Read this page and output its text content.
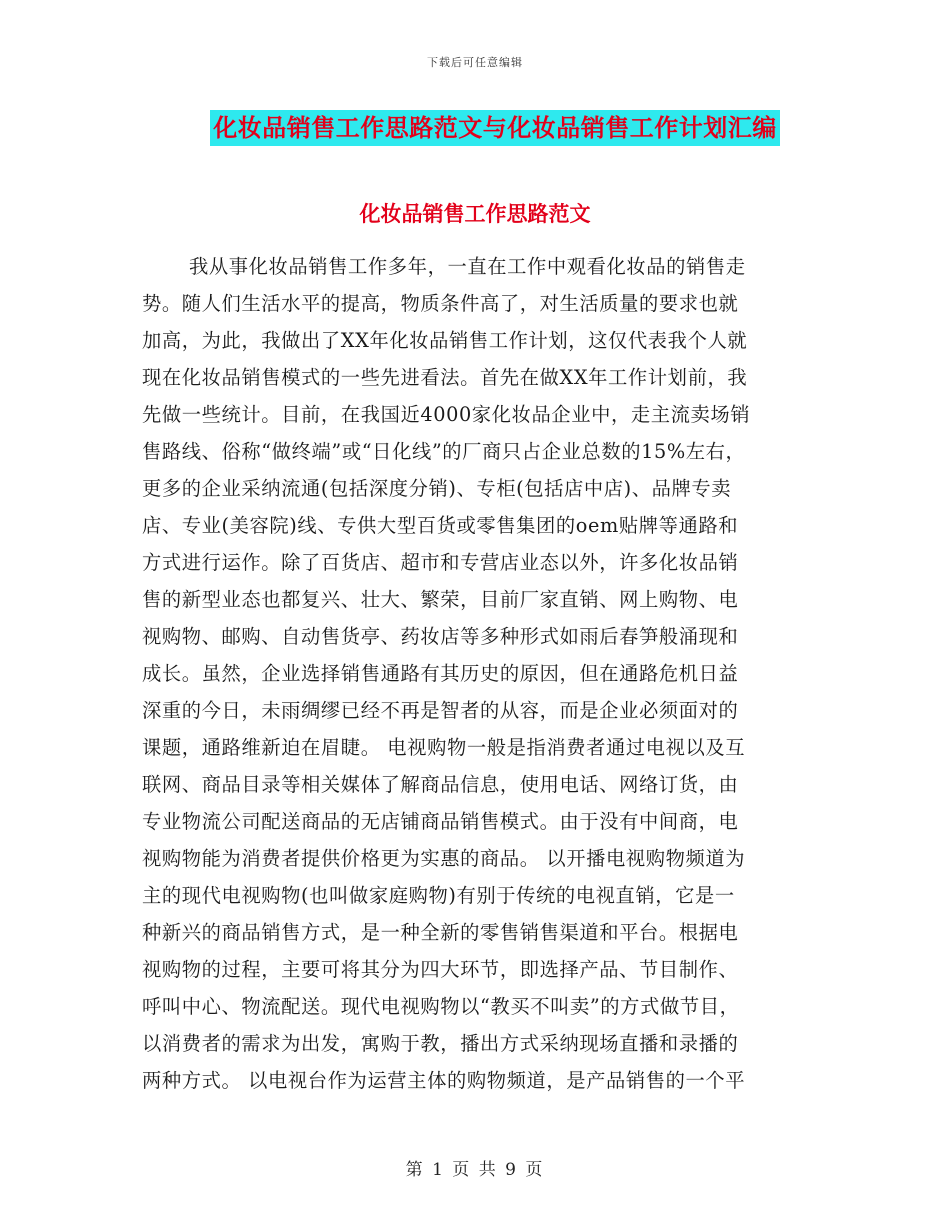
下载后可任意编辑
化妆品销售工作思路范文与化妆品销售工作计划汇编
化妆品销售工作思路范文
我从事化妆品销售工作多年，一直在工作中观看化妆品的销售走
势。随人们生活水平的提高，物质条件高了，对生活质量的要求也就
加高，为此，我做出了XX年化妆品销售工作计划，这仅代表我个人就
现在化妆品销售模式的一些先进看法。首先在做XX年工作计划前，我
先做一些统计。目前，在我国近4000家化妆品企业中，走主流卖场销
售路线、俗称“做终端”或“日化线”的厂商只占企业总数的15%左右，
更多的企业采纳流通(包括深度分销)、专柜(包括店中店)、品牌专卖
店、专业(美容院)线、专供大型百货或零售集团的oem贴牌等通路和
方式进行运作。除了百货店、超市和专营店业态以外，许多化妆品销
售的新型业态也都复兴、壮大、繁荣，目前厂家直销、网上购物、电
视购物、邮购、自动售货亭、药妆店等多种形式如雨后春笋般涌现和
成长。虽然，企业选择销售通路有其历史的原因，但在通路危机日益
深重的今日，未雨绸缪已经不再是智者的从容，而是企业必须面对的
课题，通路维新迫在眉睫。 电视购物一般是指消费者通过电视以及互
联网、商品目录等相关媒体了解商品信息，使用电话、网络订货，由
专业物流公司配送商品的无店铺商品销售模式。由于没有中间商，电
视购物能为消费者提供价格更为实惠的商品。 以开播电视购物频道为
主的现代电视购物(也叫做家庭购物)有别于传统的电视直销，它是一
种新兴的商品销售方式，是一种全新的零售销售渠道和平台。根据电
视购物的过程，主要可将其分为四大环节，即选择产品、节目制作、
呼叫中心、物流配送。现代电视购物以“教买不叫卖”的方式做节目，
以消费者的需求为出发，寓购于教，播出方式采纳现场直播和录播的
两种方式。 以电视台作为运营主体的购物频道，是产品销售的一个平
第 1 页 共 9 页
